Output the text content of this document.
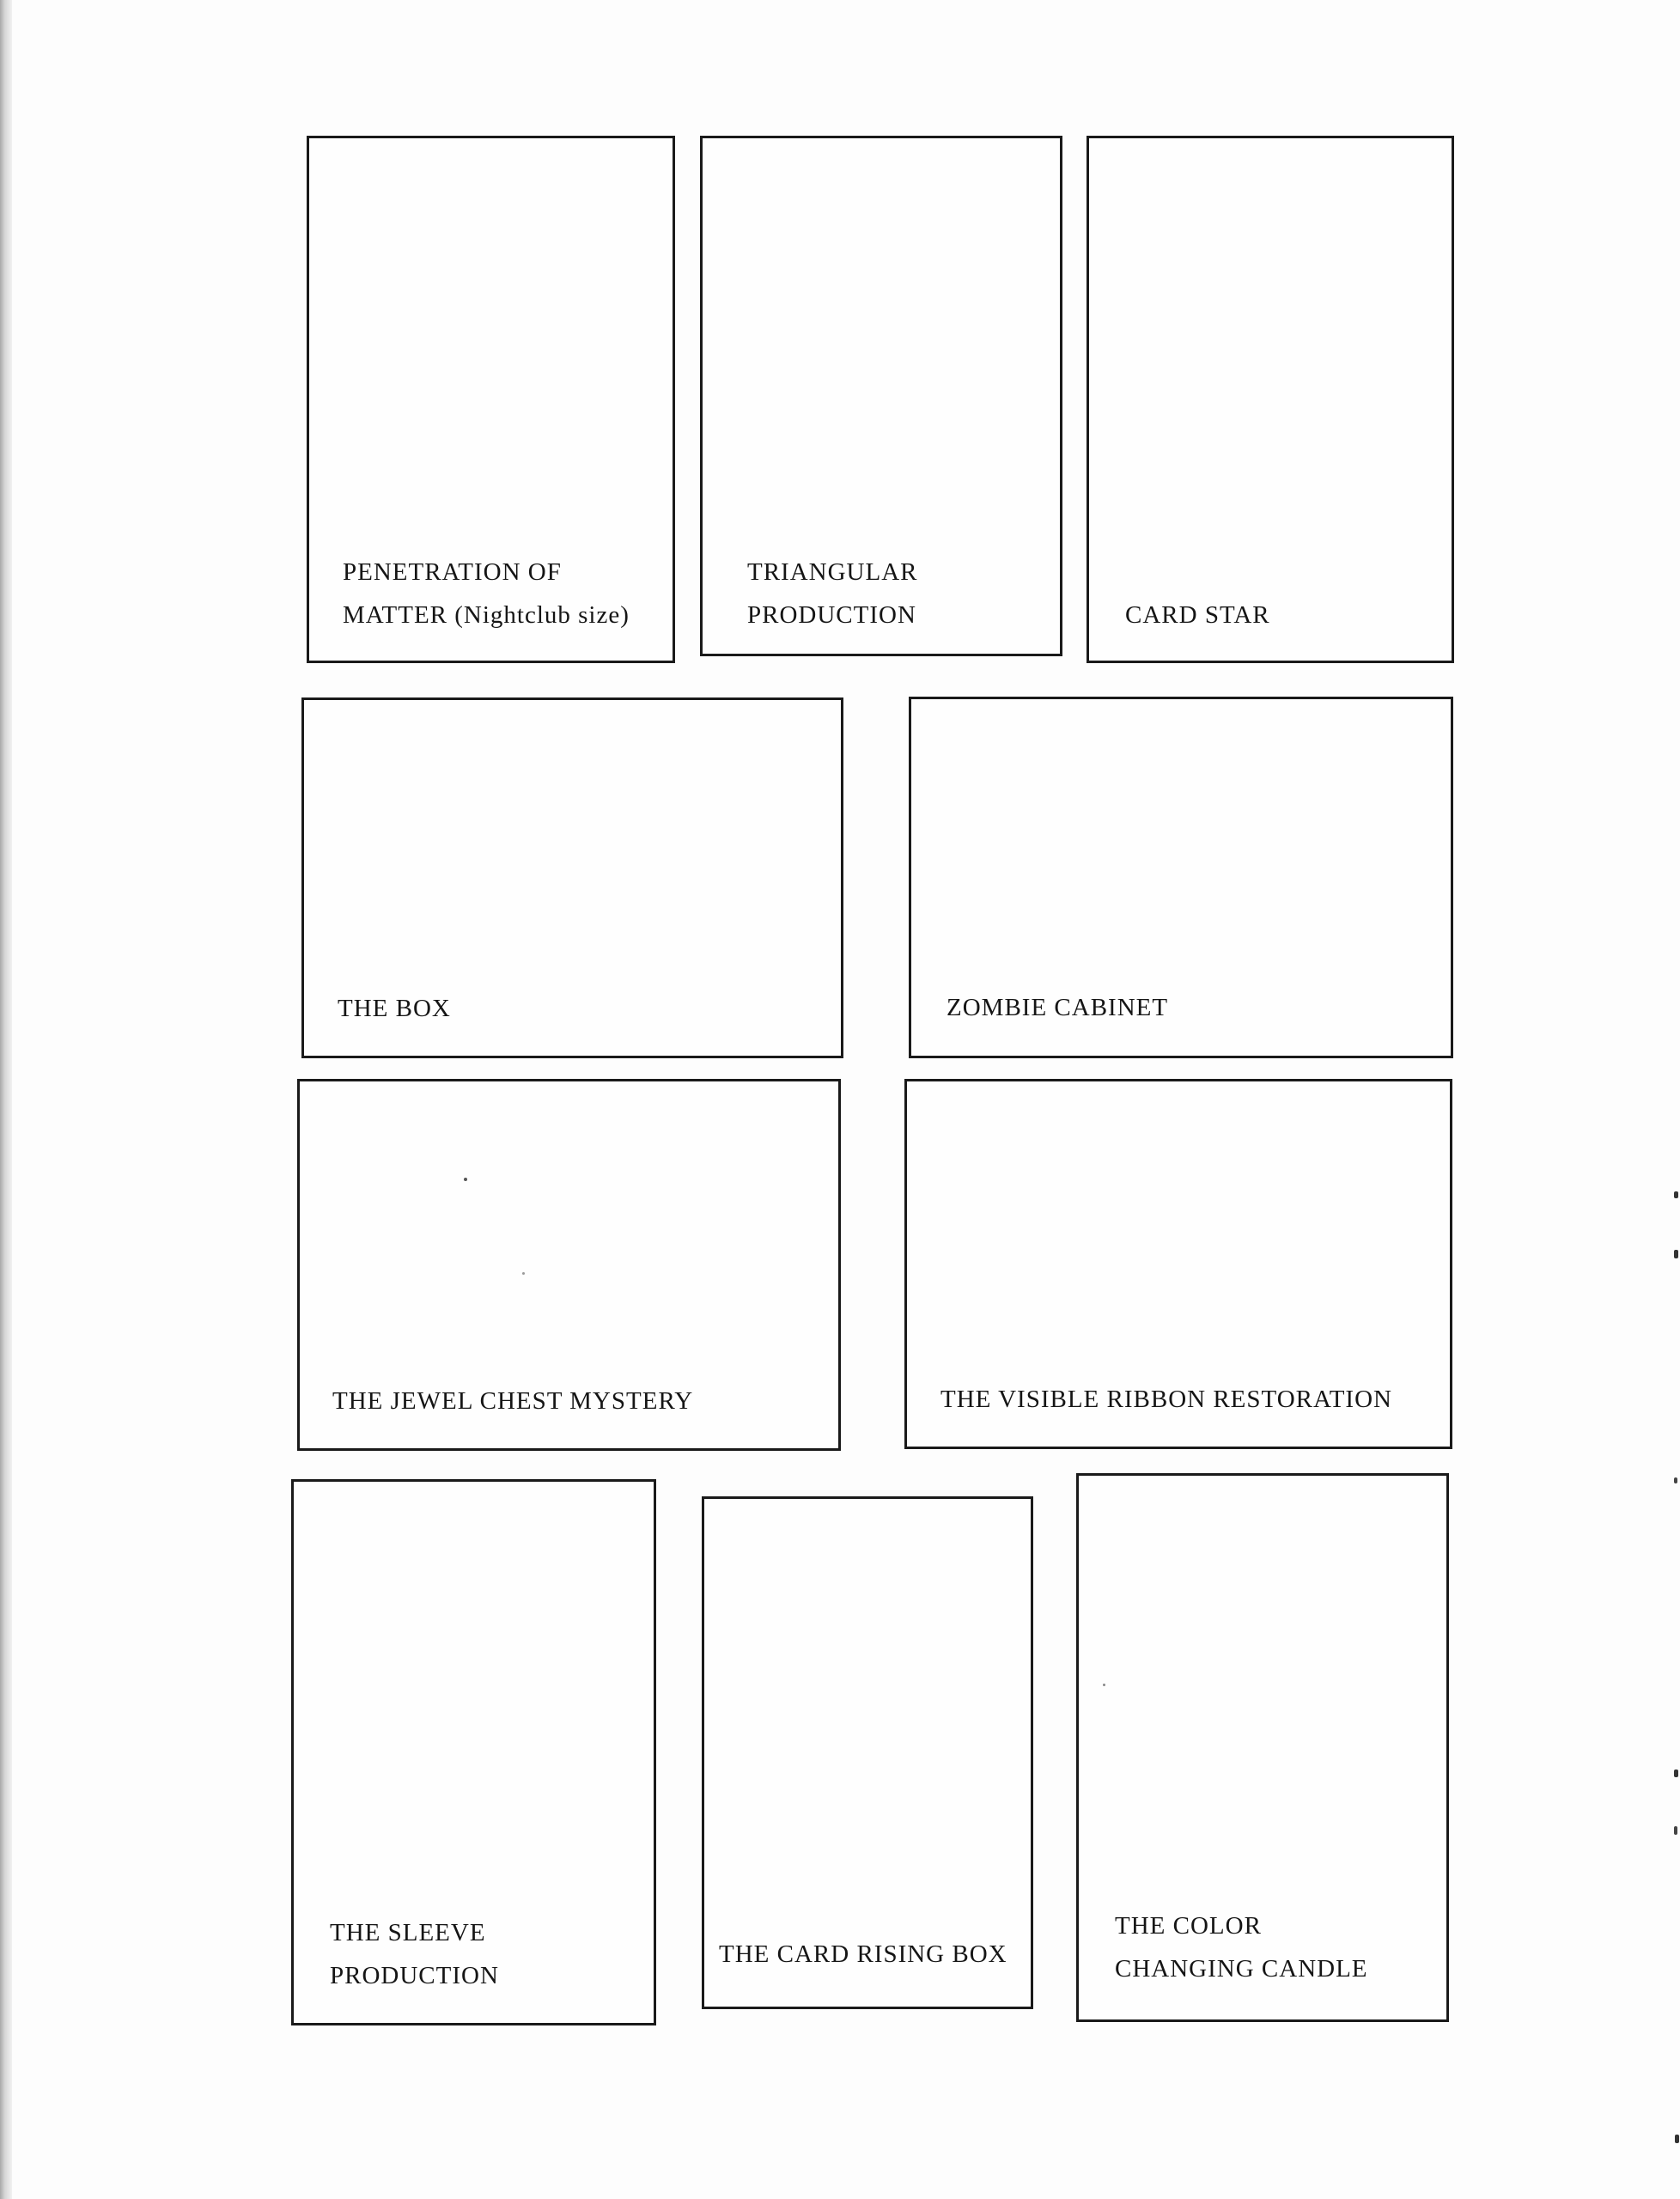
PENETRATION OF
MATTER (Nightclub size)

TRIANGULAR
PRODUCTION	CARD STAR

THE BOX	ZOMBIE CABINET

THE JEWEL CHEST MYSTERY	THE VISIBLE RIBBON RESTORATION

THE SLEEVE
PRODUCTION

THE CARD RISING BOX

THE COLOR
CHANGING CANDLE
